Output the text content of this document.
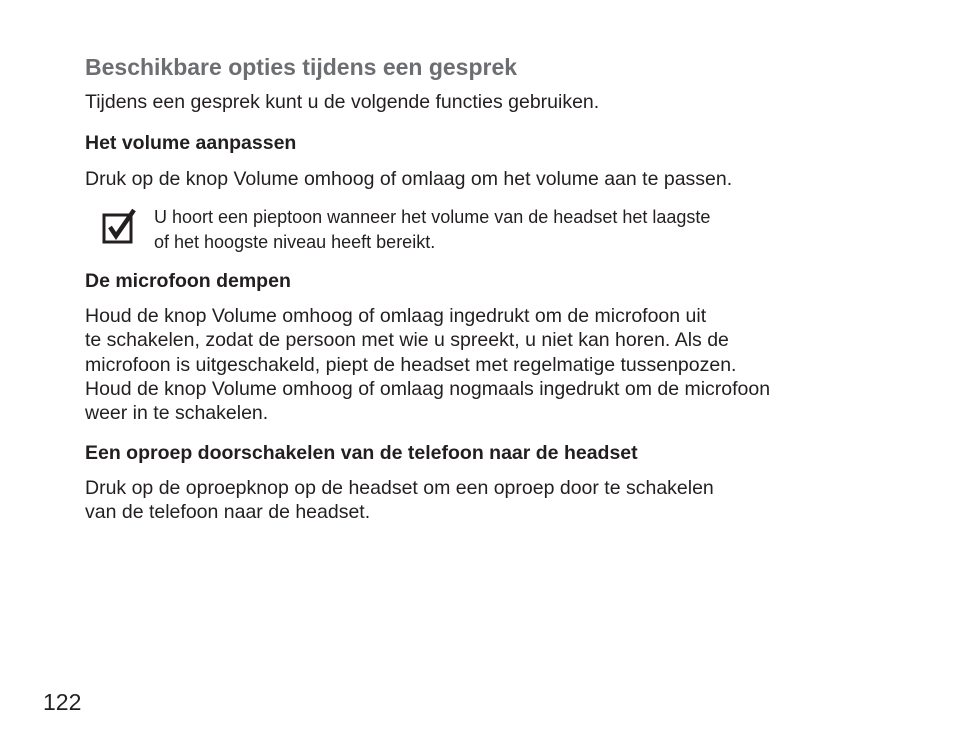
Beschikbare opties tijdens een gesprek

Tijdens een gesprek kunt u de volgende functies gebruiken.

Het volume aanpassen

Druk op de knop Volume omhoog of omlaag om het volume aan te passen.

U hoort een pieptoon wanneer het volume van de headset het laagste
of het hoogste niveau heeft bereikt.
De microfoon dempen

Houd de knop Volume omhoog of omlaag ingedrukt om de microfoon uit
te schakelen, zodat de persoon met wie u spreekt, u niet kan horen. Als de
microfoon is uitgeschakeld, piept de headset met regelmatige tussenpozen.
Houd de knop Volume omhoog of omlaag nogmaals ingedrukt om de microfoon
weer in te schakelen.

Een oproep doorschakelen van de telefoon naar de headset

Druk op de oproepknop op de headset om een oproep door te schakelen
van de telefoon naar de headset.

122
